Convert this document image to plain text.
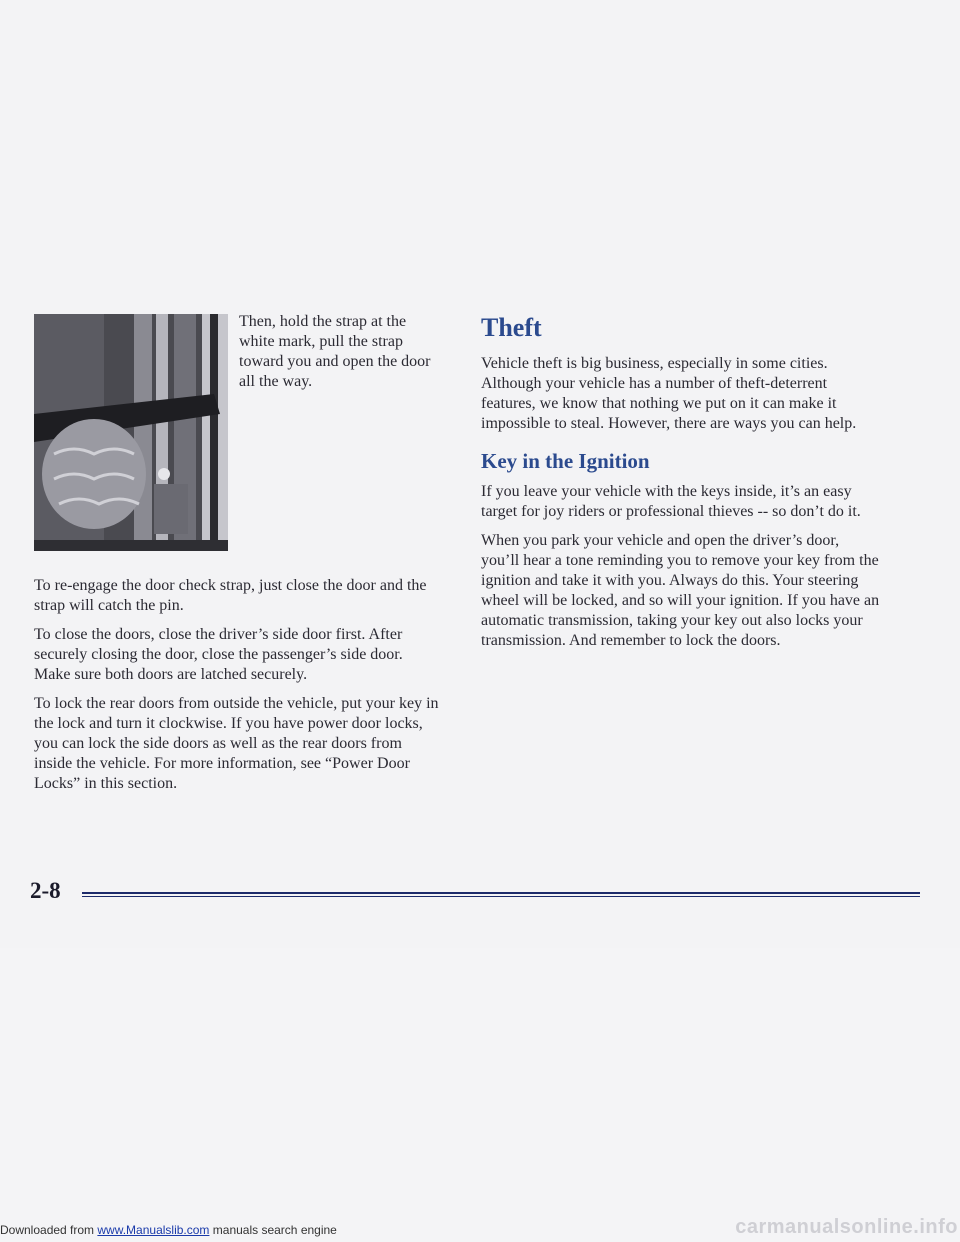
Then, hold the strap at the white mark, pull the strap toward you and open the door all the way.

To re-engage the door check strap, just close the door and the strap will catch the pin.

To close the doors, close the driver’s side door first. After securely closing the door, close the passenger’s side door. Make sure both doors are latched securely.

To lock the rear doors from outside the vehicle, put your key in the lock and turn it clockwise. If you have power door locks, you can lock the side doors as well as the rear doors from inside the vehicle. For more information, see “Power Door Locks” in this section.

Theft

Vehicle theft is big business, especially in some cities. Although your vehicle has a number of theft-deterrent features, we know that nothing we put on it can make it impossible to steal. However, there are ways you can help.

Key in the Ignition

If you leave your vehicle with the keys inside, it’s an easy target for joy riders or professional thieves -- so don’t do it.

When you park your vehicle and open the driver’s door, you’ll hear a tone reminding you to remove your key from the ignition and take it with you. Always do this. Your steering wheel will be locked, and so will your ignition. If you have an automatic transmission, taking your key out also locks your transmission. And remember to lock the doors.

2-8
Downloaded from www.Manualslib.com manuals search engine	carmanualsonline.info
